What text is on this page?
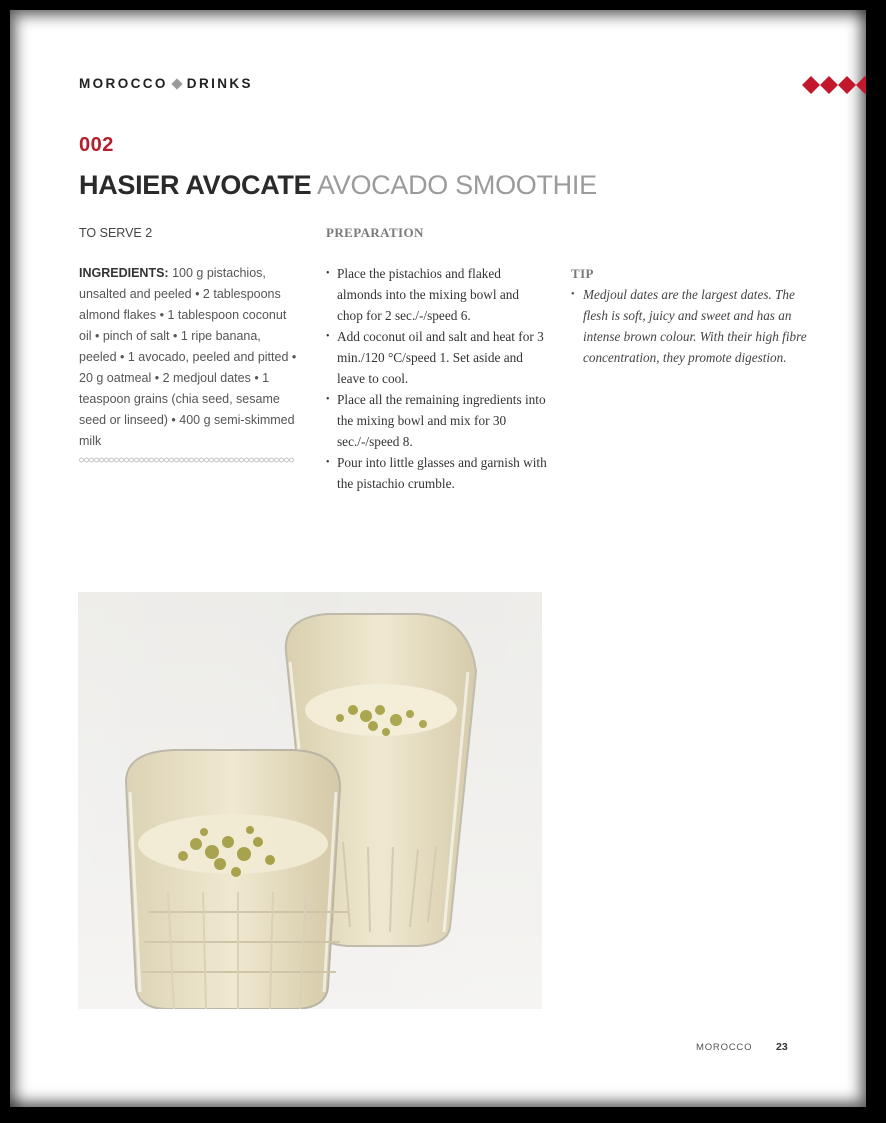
MOROCCO DRINKS
002
HASIER AVOCATE AVOCADO SMOOTHIE
TO SERVE 2
INGREDIENTS: 100 g pistachios, unsalted and peeled • 2 tablespoons almond flakes • 1 tablespoon coconut oil • pinch of salt • 1 ripe banana, peeled • 1 avocado, peeled and pitted • 20 g oatmeal • 2 medjoul dates • 1 teaspoon grains (chia seed, sesame seed or linseed) • 400 g semi-skimmed milk
PREPARATION
• Place the pistachios and flaked almonds into the mixing bowl and chop for 2 sec./-/speed 6.
• Add coconut oil and salt and heat for 3 min./120 °C/speed 1. Set aside and leave to cool.
• Place all the remaining ingredients into the mixing bowl and mix for 30 sec./-/speed 8.
• Pour into little glasses and garnish with the pistachio crumble.
TIP
• Medjoul dates are the largest dates. The flesh is soft, juicy and sweet and has an intense brown colour. With their high fibre concentration, they promote digestion.
MOROCCO 23
